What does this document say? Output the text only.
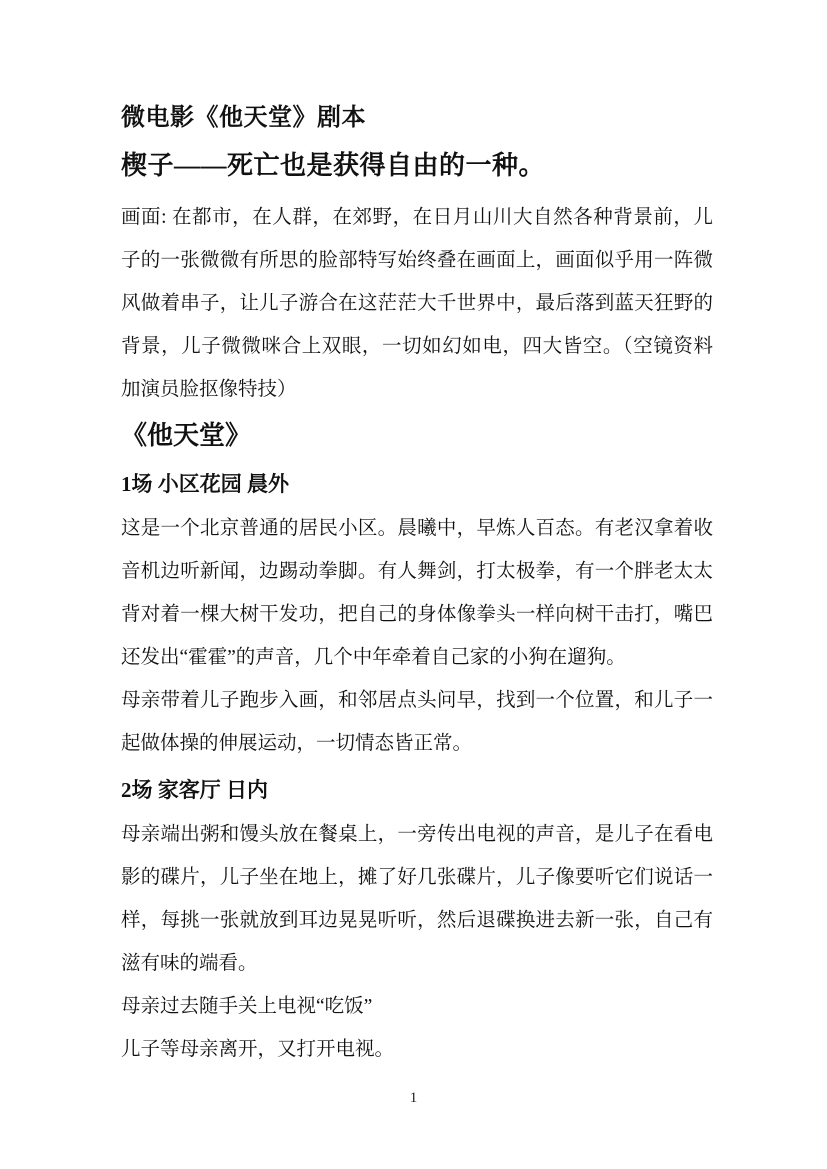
微电影《他天堂》剧本
楔子——死亡也是获得自由的一种。
画面: 在都市，在人群，在郊野，在日月山川大自然各种背景前，儿
子的一张微微有所思的脸部特写始终叠在画面上，画面似乎用一阵微
风做着串子，让儿子游合在这茫茫大千世界中，最后落到蓝天狂野的
背景，儿子微微咪合上双眼，一切如幻如电，四大皆空。（空镜资料
加演员脸抠像特技）
《他天堂》
1场 小区花园 晨外
这是一个北京普通的居民小区。晨曦中，早炼人百态。有老汉拿着收
音机边听新闻，边踢动拳脚。有人舞剑，打太极拳，有一个胖老太太
背对着一棵大树干发功，把自己的身体像拳头一样向树干击打，嘴巴
还发出“霍霍”的声音，几个中年牵着自己家的小狗在遛狗。
母亲带着儿子跑步入画，和邻居点头问早，找到一个位置，和儿子一
起做体操的伸展运动，一切情态皆正常。
2场 家客厅 日内
母亲端出粥和馒头放在餐桌上，一旁传出电视的声音，是儿子在看电
影的碟片，儿子坐在地上，摊了好几张碟片，儿子像要听它们说话一
样，每挑一张就放到耳边晃晃听听，然后退碟换进去新一张，自己有
滋有味的端看。
母亲过去随手关上电视“吃饭”
儿子等母亲离开，又打开电视。
1
